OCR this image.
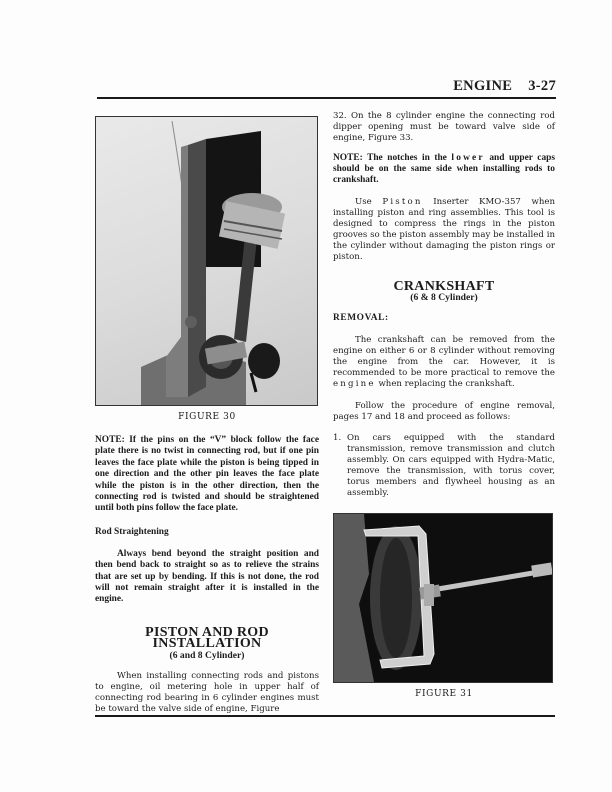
ENGINE 3-27
FIGURE 30

NOTE: If the pins on the “V” block follow the face plate there is no twist in connecting rod, but if one pin leaves the face plate while the piston is being tipped in one direction and the other pin leaves the face plate while the piston is in the other direction, then the connecting rod is twisted and should be straightened until both pins follow the face plate.

Rod Straightening

Always bend beyond the straight position and then bend back to straight so as to relieve the strains that are set up by bending. If this is not done, the rod will not remain straight after it is installed in the engine.

PISTON AND ROD INSTALLATION
(6 and 8 Cylinder)

When installing connecting rods and pistons to engine, oil metering hole in upper half of connecting rod bearing in 6 cylinder engines must be toward the valve side of engine, Figure

32. On the 8 cylinder engine the connecting rod dipper opening must be toward valve side of engine, Figure 33.

NOTE: The notches in the lower and upper caps should be on the same side when installing rods to crankshaft.

Use Piston Inserter KMO-357 when installing piston and ring assemblies. This tool is designed to compress the rings in the piston grooves so the piston assembly may be installed in the cylinder without damaging the piston rings or piston.

CRANKSHAFT
(6 & 8 Cylinder)
REMOVAL:

The crankshaft can be removed from the engine on either 6 or 8 cylinder without removing the engine from the car. However, it is recommended to be more practical to remove the engine when replacing the crankshaft.

Follow the procedure of engine removal, pages 17 and 18 and proceed as follows:

1. On cars equipped with the standard transmission, remove transmission and clutch assembly. On cars equipped with Hydra-Matic, remove the transmission, with torus cover, torus members and flywheel housing as an assembly.
FIGURE 31
